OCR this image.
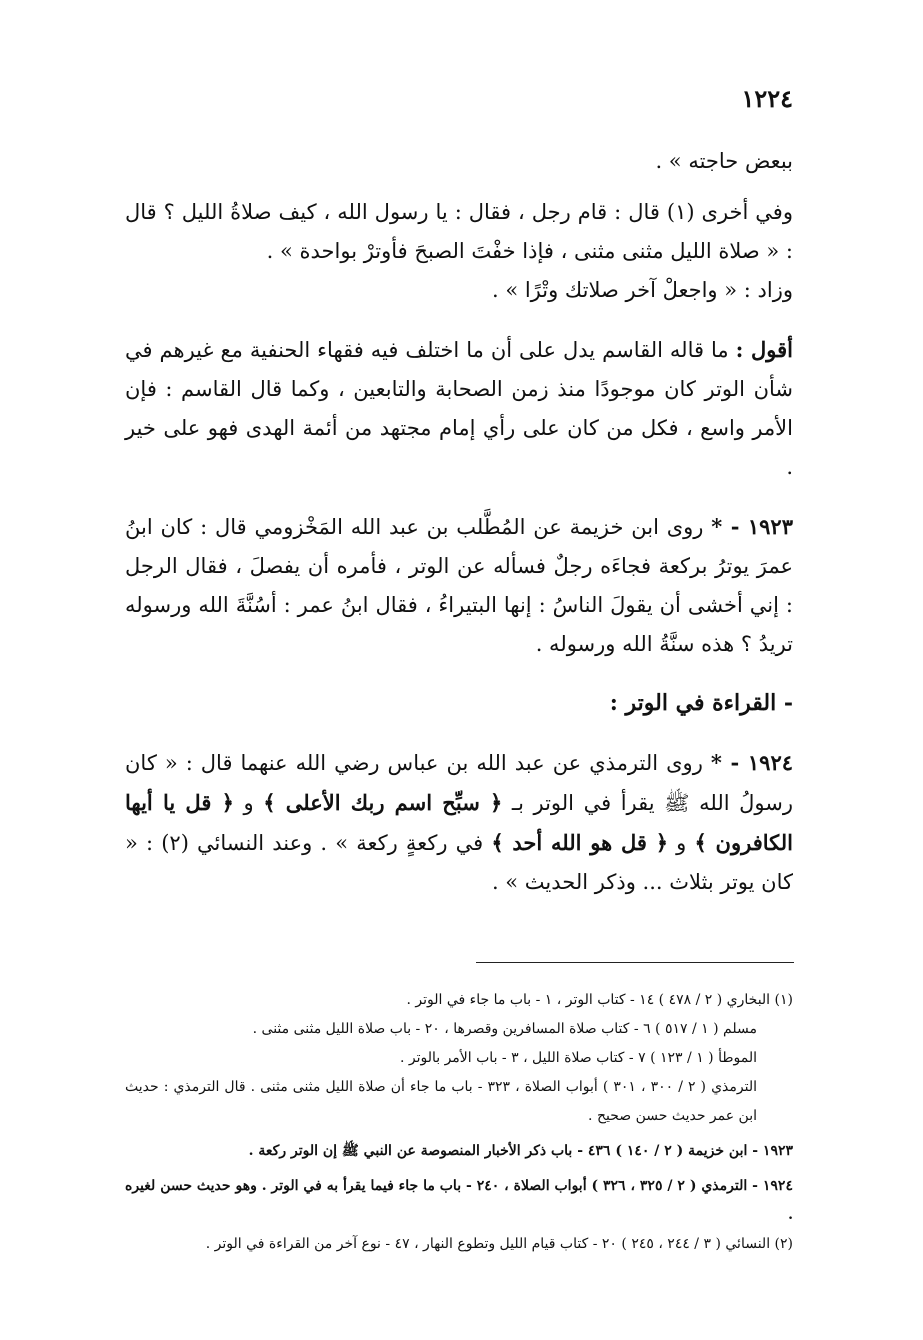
١٢٢٤

ببعض حاجته » .

وفي أخرى (١) قال : قام رجل ، فقال : يا رسول الله ، كيف صلاةُ الليل ؟ قال : « صلاة الليل مثنى مثنى ، فإذا خفْتَ الصبحَ فأوترْ بواحدة » .

وزاد : « واجعلْ آخر صلاتك وتْرًا » .

أقول : ما قاله القاسم يدل على أن ما اختلف فيه فقهاء الحنفية مع غيرهم في شأن الوتر كان موجودًا منذ زمن الصحابة والتابعين ، وكما قال القاسم : فإن الأمر واسع ، فكل من كان على رأي إمام مجتهد من أئمة الهدى فهو على خير .

١٩٢٣ - * روى ابن خزيمة عن المُطَّلب بن عبد الله المَخْزومي قال : كان ابنُ عمرَ يوترُ بركعة فجاءَه رجلٌ فسأله عن الوتر ، فأمره أن يفصلَ ، فقال الرجل : إني أخشى أن يقولَ الناسُ : إنها البتيراءُ ، فقال ابنُ عمر : أسُنَّةَ الله ورسوله تريدُ ؟ هذه سنَّةُ الله ورسوله .

- القراءة في الوتر :

١٩٢٤ - * روى الترمذي عن عبد الله بن عباس رضي الله عنهما قال : « كان رسولُ الله ﷺ يقرأ في الوتر بـ ﴿ سبِّح اسم ربك الأعلى ﴾ و ﴿ قل يا أيها الكافرون ﴾ و ﴿ قل هو الله أحد ﴾ في ركعةٍ ركعة » . وعند النسائي (٢) : « كان يوتر بثلاث ... وذكر الحديث » .

(١) البخاري ( ٢ / ٤٧٨ ) ١٤ - كتاب الوتر ، ١ - باب ما جاء في الوتر .

مسلم ( ١ / ٥١٧ ) ٦ - كتاب صلاة المسافرين وقصرها ، ٢٠ - باب صلاة الليل مثنى مثنى .

الموطأ ( ١ / ١٢٣ ) ٧ - كتاب صلاة الليل ، ٣ - باب الأمر بالوتر .

الترمذي ( ٢ / ٣٠٠ ، ٣٠١ ) أبواب الصلاة ، ٣٢٣ - باب ما جاء أن صلاة الليل مثنى مثنى . قال الترمذي : حديث ابن عمر حديث حسن صحيح .

١٩٢٣ - ابن خزيمة ( ٢ / ١٤٠ ) ٤٣٦ - باب ذكر الأخبار المنصوصة عن النبي ﷺ إن الوتر ركعة .

١٩٢٤ - الترمذي ( ٢ / ٣٢٥ ، ٣٢٦ ) أبواب الصلاة ، ٢٤٠ - باب ما جاء فيما يقرأ به في الوتر . وهو حديث حسن لغيره .

(٢) النسائي ( ٣ / ٢٤٤ ، ٢٤٥ ) ٢٠ - كتاب قيام الليل وتطوع النهار ، ٤٧ - نوع آخر من القراءة في الوتر .
